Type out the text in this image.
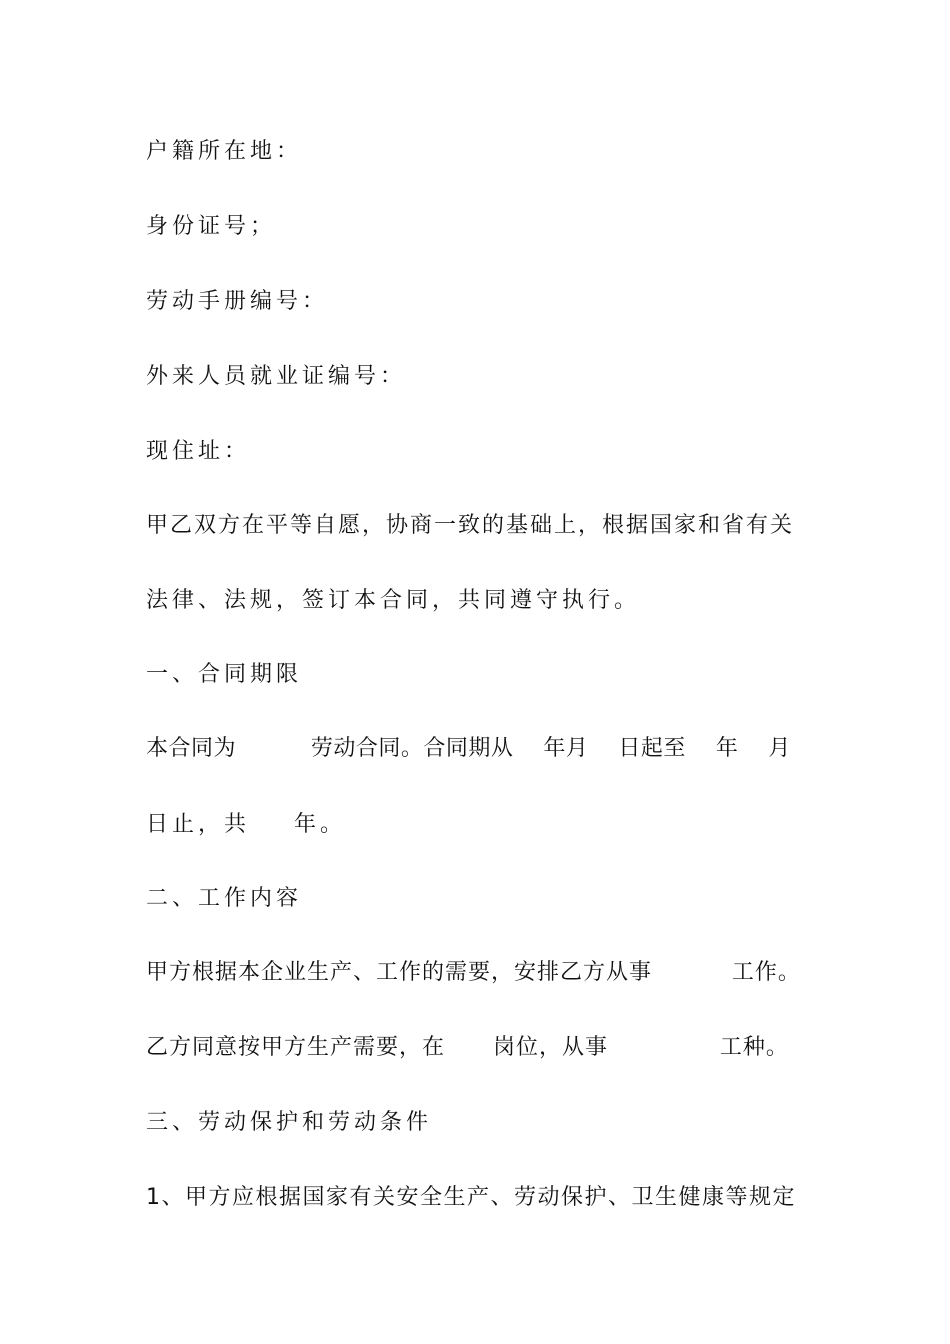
户籍所在地：
身份证号；
劳动手册编号：
外来人员就业证编号：
现住址：
甲乙双方在平等自愿，协商一致的基础上，根据国家和省有关
法律、法规，签订本合同，共同遵守执行。
一、合同期限
本合同为          劳动合同。合同期从    年月    日起至    年    月
日止，共    年。
二、工作内容
甲方根据本企业生产、工作的需要，安排乙方从事          工作。
乙方同意按甲方生产需要，在      岗位，从事              工种。
三、劳动保护和劳动条件
1、甲方应根据国家有关安全生产、劳动保护、卫生健康等规定
